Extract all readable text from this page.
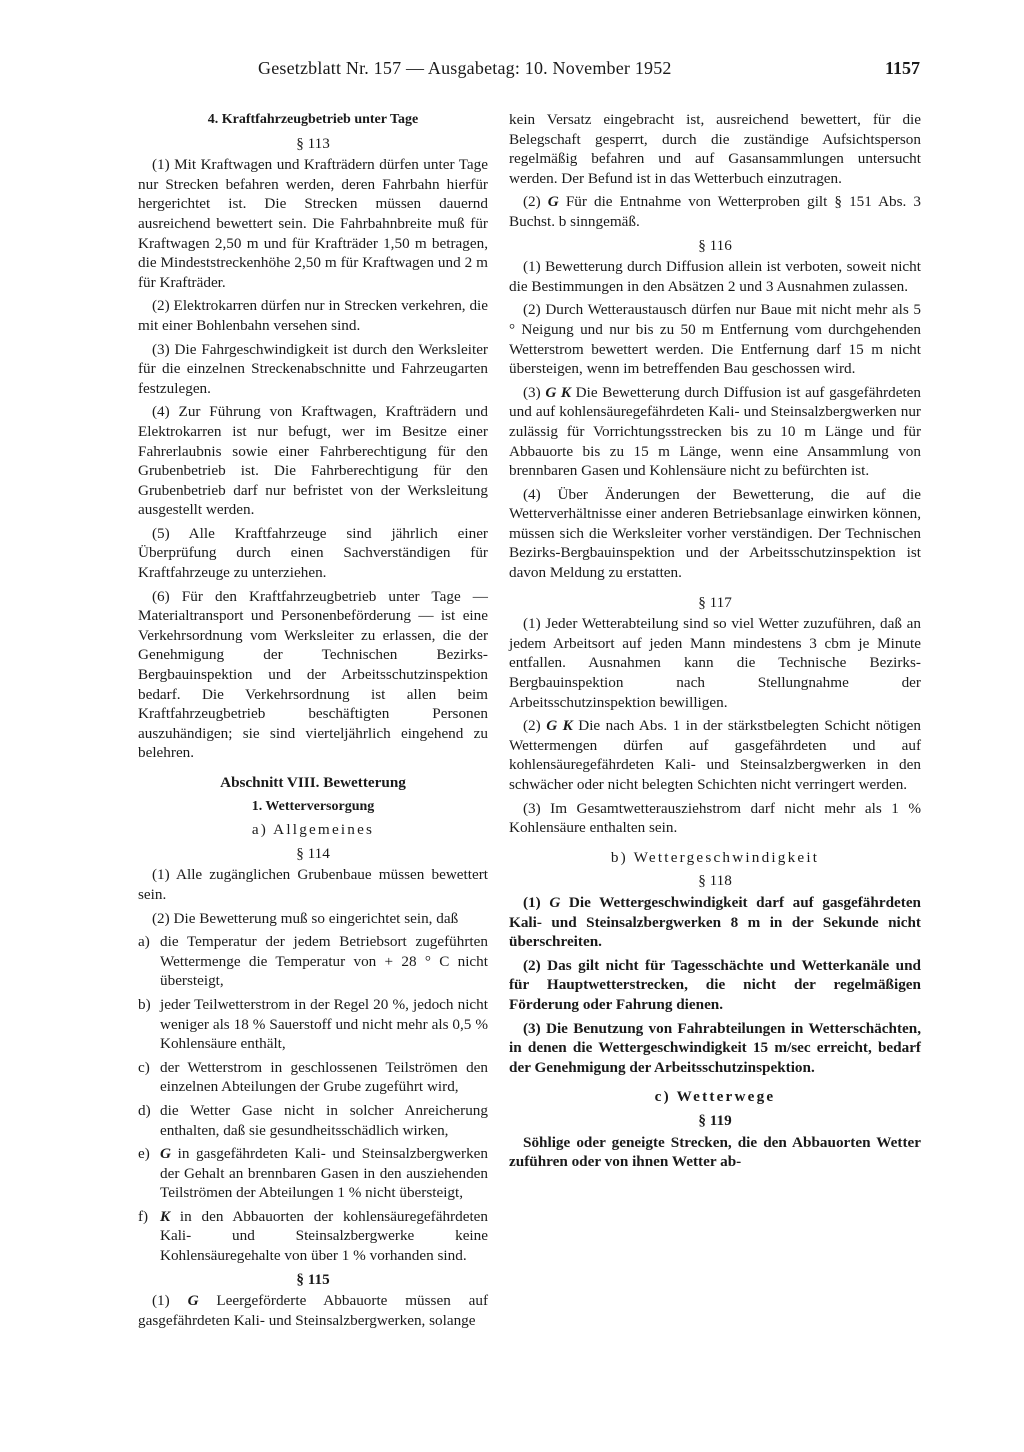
Gesetzblatt Nr. 157 — Ausgabetag: 10. November 1952	1157
4. Kraftfahrzeugbetrieb unter Tage
§ 113

(1) Mit Kraftwagen und Krafträdern dürfen unter Tage nur Strecken befahren werden, deren Fahrbahn hierfür hergerichtet ist. Die Strecken müssen dauernd ausreichend bewettert sein. Die Fahrbahnbreite muß für Kraftwagen 2,50 m und für Krafträder 1,50 m betragen, die Mindeststreckenhöhe 2,50 m für Kraftwagen und 2 m für Krafträder.

(2) Elektrokarren dürfen nur in Strecken verkehren, die mit einer Bohlenbahn versehen sind.

(3) Die Fahrgeschwindigkeit ist durch den Werksleiter für die einzelnen Streckenabschnitte und Fahrzeugarten festzulegen.

(4) Zur Führung von Kraftwagen, Krafträdern und Elektrokarren ist nur befugt, wer im Besitze einer Fahrerlaubnis sowie einer Fahrberechtigung für den Grubenbetrieb ist. Die Fahrberechtigung für den Grubenbetrieb darf nur befristet von der Werksleitung ausgestellt werden.

(5) Alle Kraftfahrzeuge sind jährlich einer Überprüfung durch einen Sachverständigen für Kraftfahrzeuge zu unterziehen.

(6) Für den Kraftfahrzeugbetrieb unter Tage — Materialtransport und Personenbeförderung — ist eine Verkehrsordnung vom Werksleiter zu erlassen, die der Genehmigung der Technischen Bezirks-Bergbauinspektion und der Arbeitsschutzinspektion bedarf. Die Verkehrsordnung ist allen beim Kraftfahrzeugbetrieb beschäftigten Personen auszuhändigen; sie sind vierteljährlich eingehend zu belehren.

Abschnitt VIII. Bewetterung
1. Wetterversorgung
a) Allgemeines
§ 114

(1) Alle zugänglichen Grubenbaue müssen bewettert sein.

(2) Die Bewetterung muß so eingerichtet sein, daß

a) die Temperatur der jedem Betriebsort zugeführten Wettermenge die Temperatur von + 28 ° C nicht übersteigt,
b) jeder Teilwetterstrom in der Regel 20 %, jedoch nicht weniger als 18 % Sauerstoff und nicht mehr als 0,5 % Kohlensäure enthält,
c) der Wetterstrom in geschlossenen Teilströmen den einzelnen Abteilungen der Grube zugeführt wird,
d) die Wetter Gase nicht in solcher Anreicherung enthalten, daß sie gesundheitsschädlich wirken,
e) G in gasgefährdeten Kali- und Steinsalzbergwerken der Gehalt an brennbaren Gasen in den ausziehenden Teilströmen der Abteilungen 1 % nicht übersteigt,
f) K in den Abbauorten der kohlensäuregefährdeten Kali- und Steinsalzbergwerke keine Kohlensäuregehalte von über 1 % vorhanden sind.
§ 115

(1) G Leergeförderte Abbauorte müssen auf gasgefährdeten Kali- und Steinsalzbergwerken, solange

kein Versatz eingebracht ist, ausreichend bewettert, für die Belegschaft gesperrt, durch die zuständige Aufsichtsperson regelmäßig befahren und auf Gasansammlungen untersucht werden. Der Befund ist in das Wetterbuch einzutragen.

(2) G Für die Entnahme von Wetterproben gilt § 151 Abs. 3 Buchst. b sinngemäß.

§ 116

(1) Bewetterung durch Diffusion allein ist verboten, soweit nicht die Bestimmungen in den Absätzen 2 und 3 Ausnahmen zulassen.

(2) Durch Wetteraustausch dürfen nur Baue mit nicht mehr als 5 ° Neigung und nur bis zu 50 m Entfernung vom durchgehenden Wetterstrom bewettert werden. Die Entfernung darf 15 m nicht übersteigen, wenn im betreffenden Bau geschossen wird.

(3) G K Die Bewetterung durch Diffusion ist auf gasgefährdeten und auf kohlensäuregefährdeten Kali- und Steinsalzbergwerken nur zulässig für Vorrichtungsstrecken bis zu 10 m Länge und für Abbauorte bis zu 15 m Länge, wenn eine Ansammlung von brennbaren Gasen und Kohlensäure nicht zu befürchten ist.

(4) Über Änderungen der Bewetterung, die auf die Wetterverhältnisse einer anderen Betriebsanlage einwirken können, müssen sich die Werksleiter vorher verständigen. Der Technischen Bezirks-Bergbauinspektion und der Arbeitsschutzinspektion ist davon Meldung zu erstatten.

§ 117

(1) Jeder Wetterabteilung sind so viel Wetter zuzuführen, daß an jedem Arbeitsort auf jeden Mann mindestens 3 cbm je Minute entfallen. Ausnahmen kann die Technische Bezirks-Bergbauinspektion nach Stellungnahme der Arbeitsschutzinspektion bewilligen.

(2) G K Die nach Abs. 1 in der stärkstbelegten Schicht nötigen Wettermengen dürfen auf gasgefährdeten und auf kohlensäuregefährdeten Kali- und Steinsalzbergwerken in den schwächer oder nicht belegten Schichten nicht verringert werden.

(3) Im Gesamtwetterausziehstrom darf nicht mehr als 1 % Kohlensäure enthalten sein.

b) Wettergeschwindigkeit
§ 118

(1) G Die Wettergeschwindigkeit darf auf gasgefährdeten Kali- und Steinsalzbergwerken 8 m in der Sekunde nicht überschreiten.

(2) Das gilt nicht für Tagesschächte und Wetterkanäle und für Hauptwetterstrecken, die nicht der regelmäßigen Förderung oder Fahrung dienen.

(3) Die Benutzung von Fahrabteilungen in Wetterschächten, in denen die Wettergeschwindigkeit 15 m/sec erreicht, bedarf der Genehmigung der Arbeitsschutzinspektion.

c) Wetterwege
§ 119

Söhlige oder geneigte Strecken, die den Abbauorten Wetter zuführen oder von ihnen Wetter ab-
